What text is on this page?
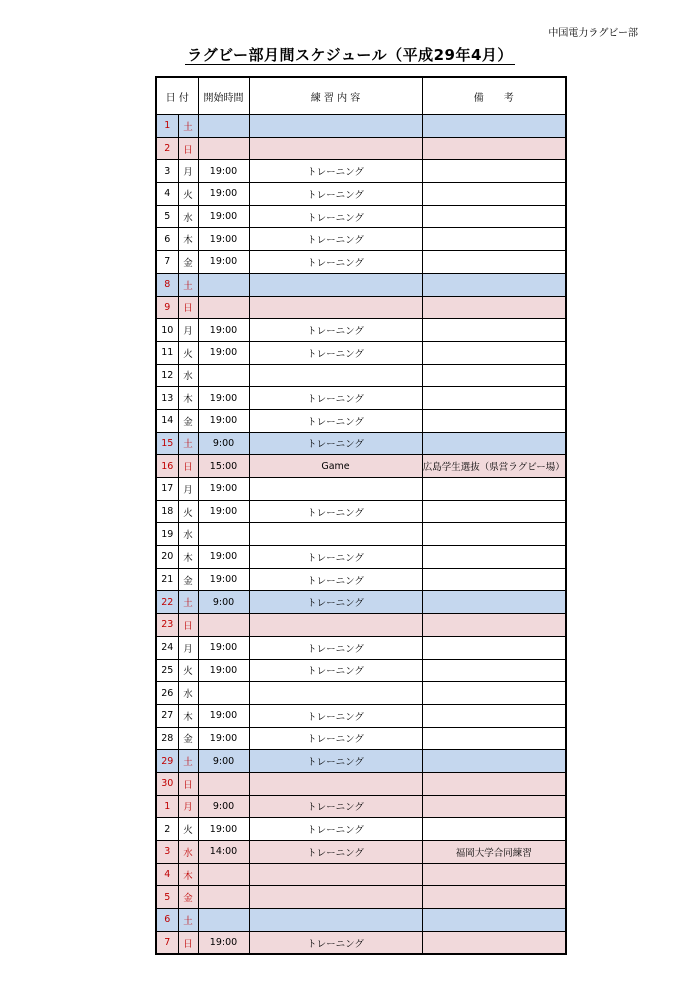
中国電力ラグビー部
ラグビー部月間スケジュール（平成29年4月）
日 付		開始時間	練 習 内 容	備　　考
1	土			
2	日			
3	月	19:00	トレーニング	
4	火	19:00	トレーニング	
5	水	19:00	トレーニング	
6	木	19:00	トレーニング	
7	金	19:00	トレーニング	
8	土			
9	日			
10	月	19:00	トレーニング	
11	火	19:00	トレーニング	
12	水			
13	木	19:00	トレーニング	
14	金	19:00	トレーニング	
15	土	9:00	トレーニング	
16	日	15:00	Game	広島学生選抜（県営ラグビー場）
17	月	19:00		
18	火	19:00	トレーニング	
19	水			
20	木	19:00	トレーニング	
21	金	19:00	トレーニング	
22	土	9:00	トレーニング	
23	日			
24	月	19:00	トレーニング	
25	火	19:00	トレーニング	
26	水			
27	木	19:00	トレーニング	
28	金	19:00	トレーニング	
29	土	9:00	トレーニング	
30	日			
1	月	9:00	トレーニング	
2	火	19:00	トレーニング	
3	水	14:00	トレーニング	福岡大学合同練習
4	木			
5	金			
6	土			
7	日	19:00	トレーニング	
